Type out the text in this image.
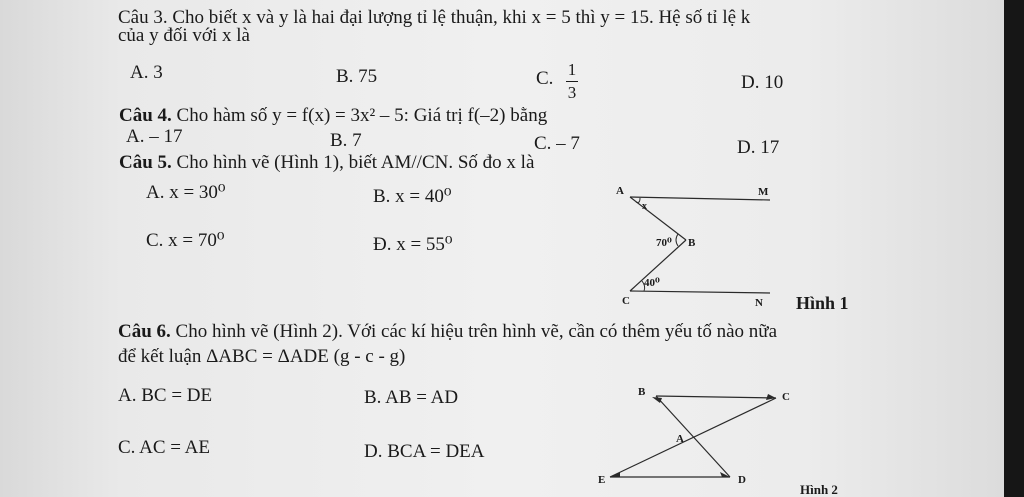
Câu 3. Cho biết x và y là hai đại lượng tỉ lệ thuận, khi x = 5 thì y = 15. Hệ số tỉ lệ k
của y đối với x là
A. 3	B. 75	C. 1
3	D. 10
Câu 4. Cho hàm số y = f(x) = 3x² – 5: Giá trị f(–2) bằng
A. – 17	B. 7	C. – 7	D. 17
Câu 5. Cho hình vẽ (Hình 1), biết AM//CN. Số đo x là
A. x = 30⁰	B. x = 40⁰
C. x = 70⁰	Đ. x = 55⁰
A	M
x
70⁰ B
40⁰
C	N Hình 1
Câu 6. Cho hình vẽ (Hình 2). Với các kí hiệu trên hình vẽ, cần có thêm yếu tố nào nữa
để kết luận ΔABC = ΔADE (g - c - g)
A. BC = DE	B. AB = AD
C. AC = AE	D. BCA = DEA
B	C
A
E	D
Hình 2
